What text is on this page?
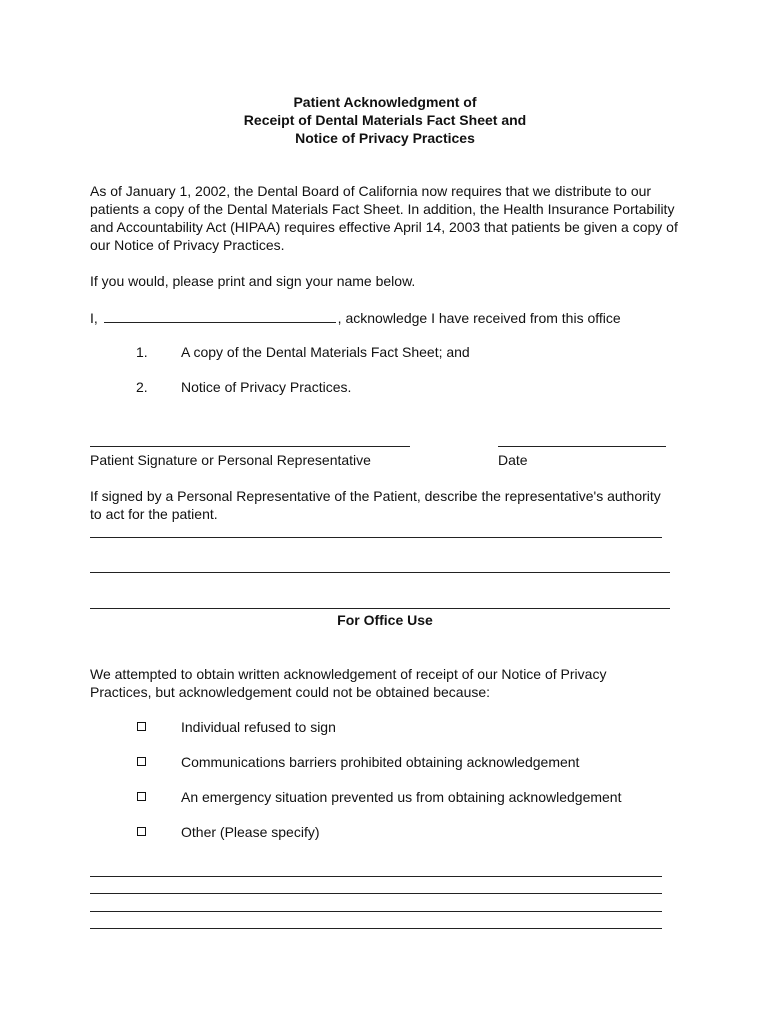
Patient Acknowledgment of
Receipt of Dental Materials Fact Sheet and
Notice of Privacy Practices
As of January 1, 2002, the Dental Board of California now requires that we distribute to our patients a copy of the Dental Materials Fact Sheet. In addition, the Health Insurance Portability and Accountability Act (HIPAA) requires effective April 14, 2003 that patients be given a copy of our Notice of Privacy Practices.
If you would, please print and sign your name below.
I,	, acknowledge I have received from this office
1. A copy of the Dental Materials Fact Sheet; and
2. Notice of Privacy Practices.
Patient Signature or Personal Representative	Date
If signed by a Personal Representative of the Patient, describe the representative's authority to act for the patient.
For Office Use
We attempted to obtain written acknowledgement of receipt of our Notice of Privacy Practices, but acknowledgement could not be obtained because:
Individual refused to sign
Communications barriers prohibited obtaining acknowledgement
An emergency situation prevented us from obtaining acknowledgement
Other (Please specify)
